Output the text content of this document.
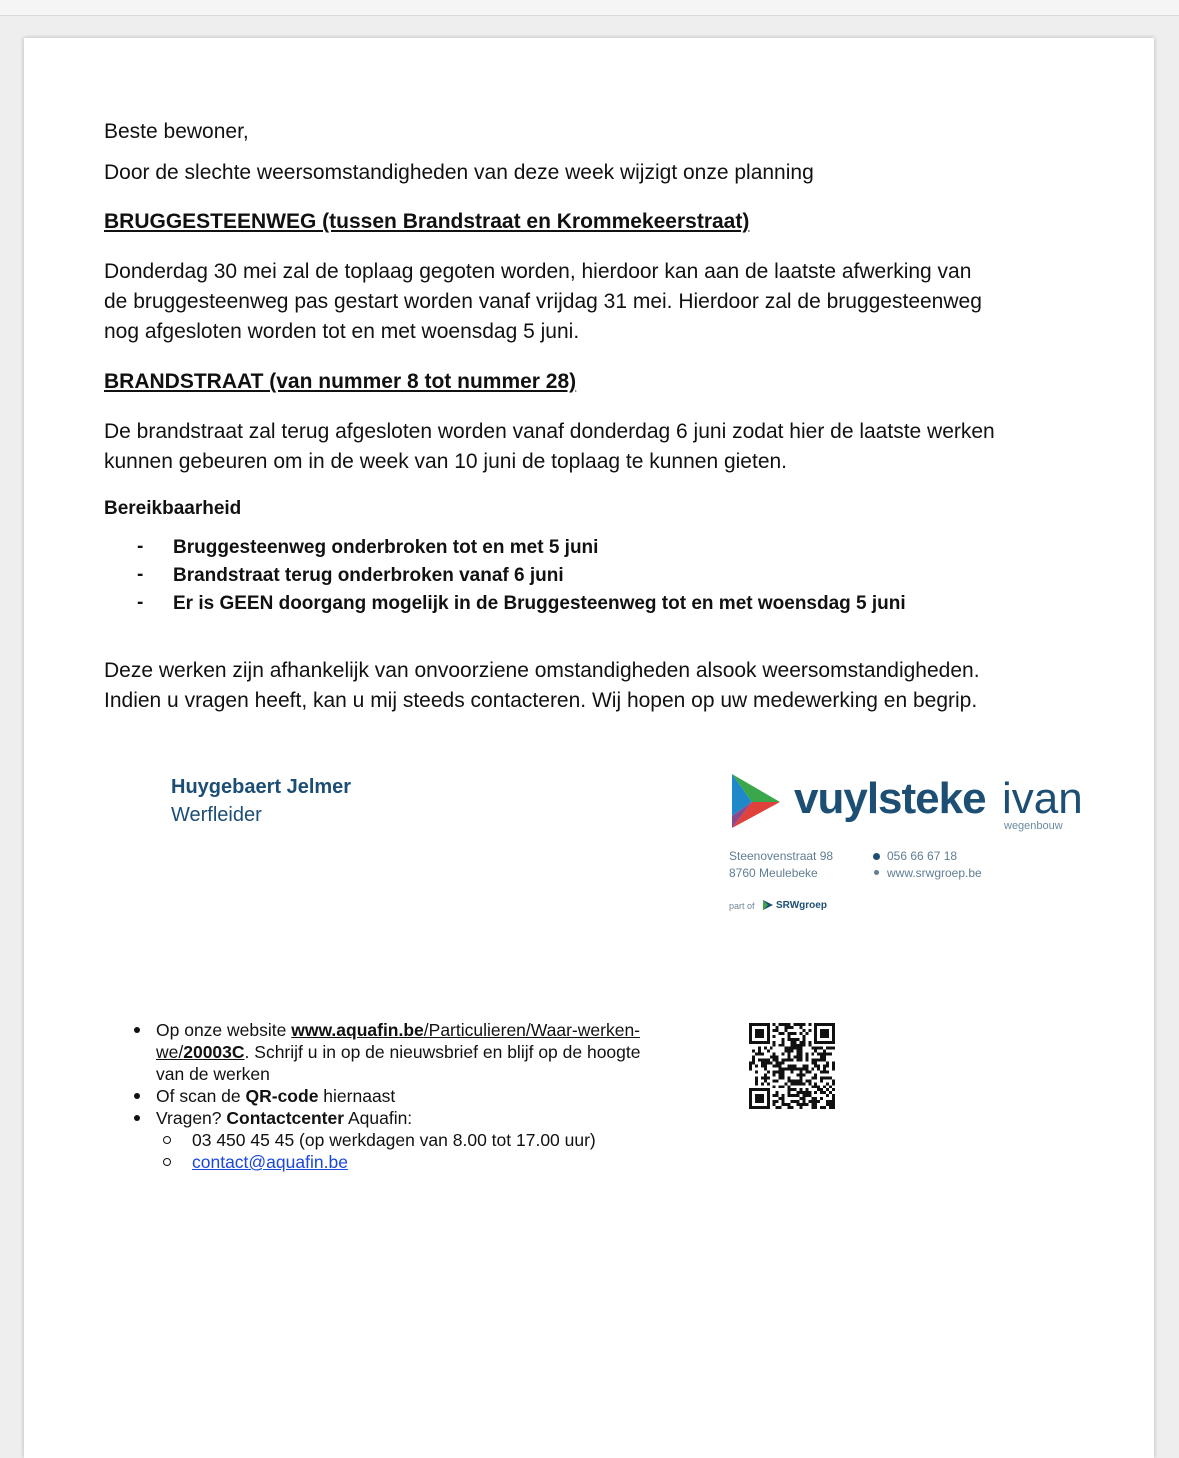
Beste bewoner,
Door de slechte weersomstandigheden van deze week wijzigt onze planning
BRUGGESTEENWEG (tussen Brandstraat en Krommekeerstraat)
Donderdag 30 mei zal de toplaag gegoten worden, hierdoor kan aan de laatste afwerking van
de bruggesteenweg pas gestart worden vanaf vrijdag 31 mei. Hierdoor zal de bruggesteenweg
nog afgesloten worden tot en met woensdag 5 juni.
BRANDSTRAAT (van nummer 8 tot nummer 28)
De brandstraat zal terug afgesloten worden vanaf donderdag 6 juni zodat hier de laatste werken
kunnen gebeuren om in de week van 10 juni de toplaag te kunnen gieten.
Bereikbaarheid
- Bruggesteenweg onderbroken tot en met 5 juni
- Brandstraat terug onderbroken vanaf 6 juni
- Er is GEEN doorgang mogelijk in de Bruggesteenweg tot en met woensdag 5 juni
Deze werken zijn afhankelijk van onvoorziene omstandigheden alsook weersomstandigheden.
Indien u vragen heeft, kan u mij steeds contacteren. Wij hopen op uw medewerking en begrip.
Huygebaert Jelmer
Werfleider	vuylsteke ivan
wegenbouw
Steenovenstraat 98
8760 Meulebeke
056 66 67 18
www.srwgroep.be
part of SRWgroep
Op onze website www.aquafin.be/Particulieren/Waar-werken-
we/20003C. Schrijf u in op de nieuwsbrief en blijf op de hoogte
van de werken
Of scan de QR-code hiernaast
Vragen? Contactcenter Aquafin:
03 450 45 45 (op werkdagen van 8.00 tot 17.00 uur)
contact@aquafin.be
